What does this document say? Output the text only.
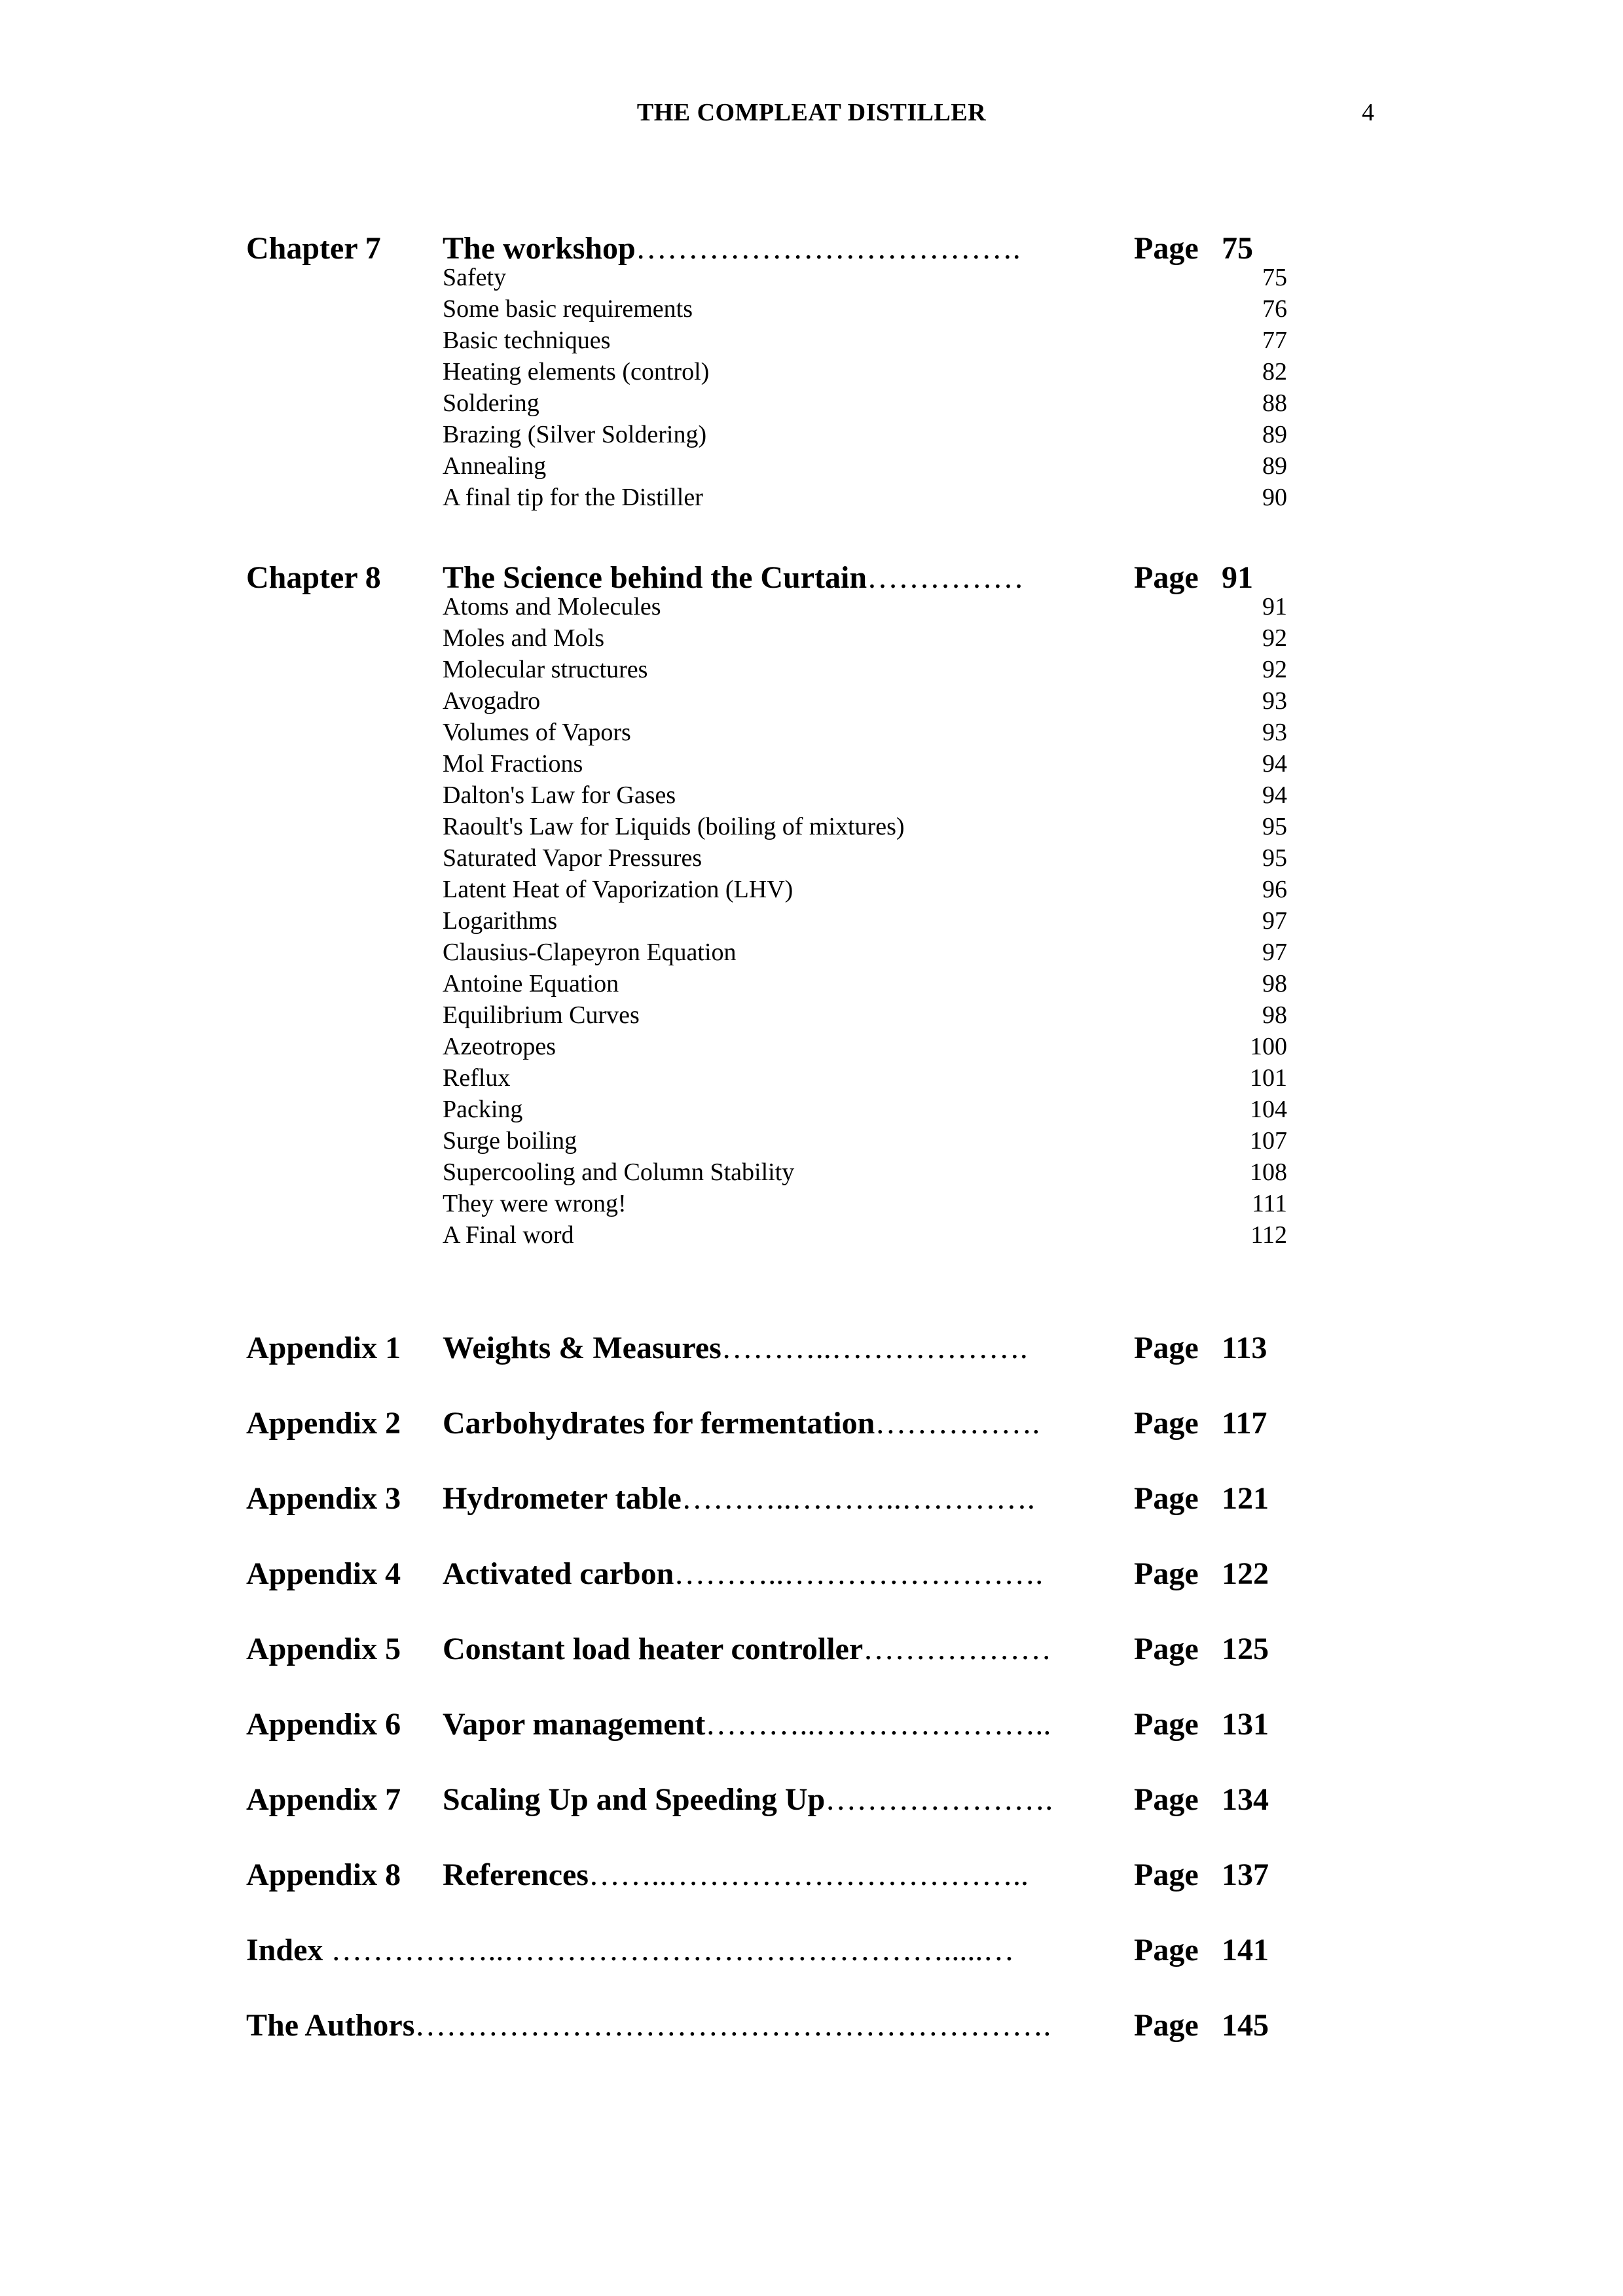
THE COMPLEAT DISTILLER	4
Chapter 7 The workshop……………………………….	Page 75
Safety	75
Some basic requirements	76
Basic techniques	77
Heating elements (control)	82
Soldering	88
Brazing (Silver Soldering)	89
Annealing	89
A final tip for the Distiller	90
Chapter 8 The Science behind the Curtain……………	Page 91
Atoms and Molecules	91
Moles and Mols	92
Molecular structures	92
Avogadro	93
Volumes of Vapors	93
Mol Fractions	94
Dalton's Law for Gases	94
Raoult's Law for Liquids (boiling of mixtures)	95
Saturated Vapor Pressures	95
Latent Heat of Vaporization (LHV)	96
Logarithms	97
Clausius-Clapeyron Equation	97
Antoine Equation	98
Equilibrium Curves	98
Azeotropes	100
Reflux	101
Packing	104
Surge boiling	107
Supercooling and Column Stability	108
They were wrong!	111
A Final word	112
Appendix 1 Weights & Measures………..……………….	Page 113
Appendix 2 Carbohydrates for fermentation…………….	Page 117
Appendix 3 Hydrometer table………..………..………….	Page 121
Appendix 4 Activated carbon………..…………………….	Page 122
Appendix 5 Constant load heater controller………………	Page 125
Appendix 6 Vapor management………..…………………..	Page 131
Appendix 7 Scaling Up and Speeding Up………………….	Page 134
Appendix 8 References……..……………………………..	Page 137
Index ……………..…………………………………….....…	Page 141
The Authors…………………………………………………….	Page 145
